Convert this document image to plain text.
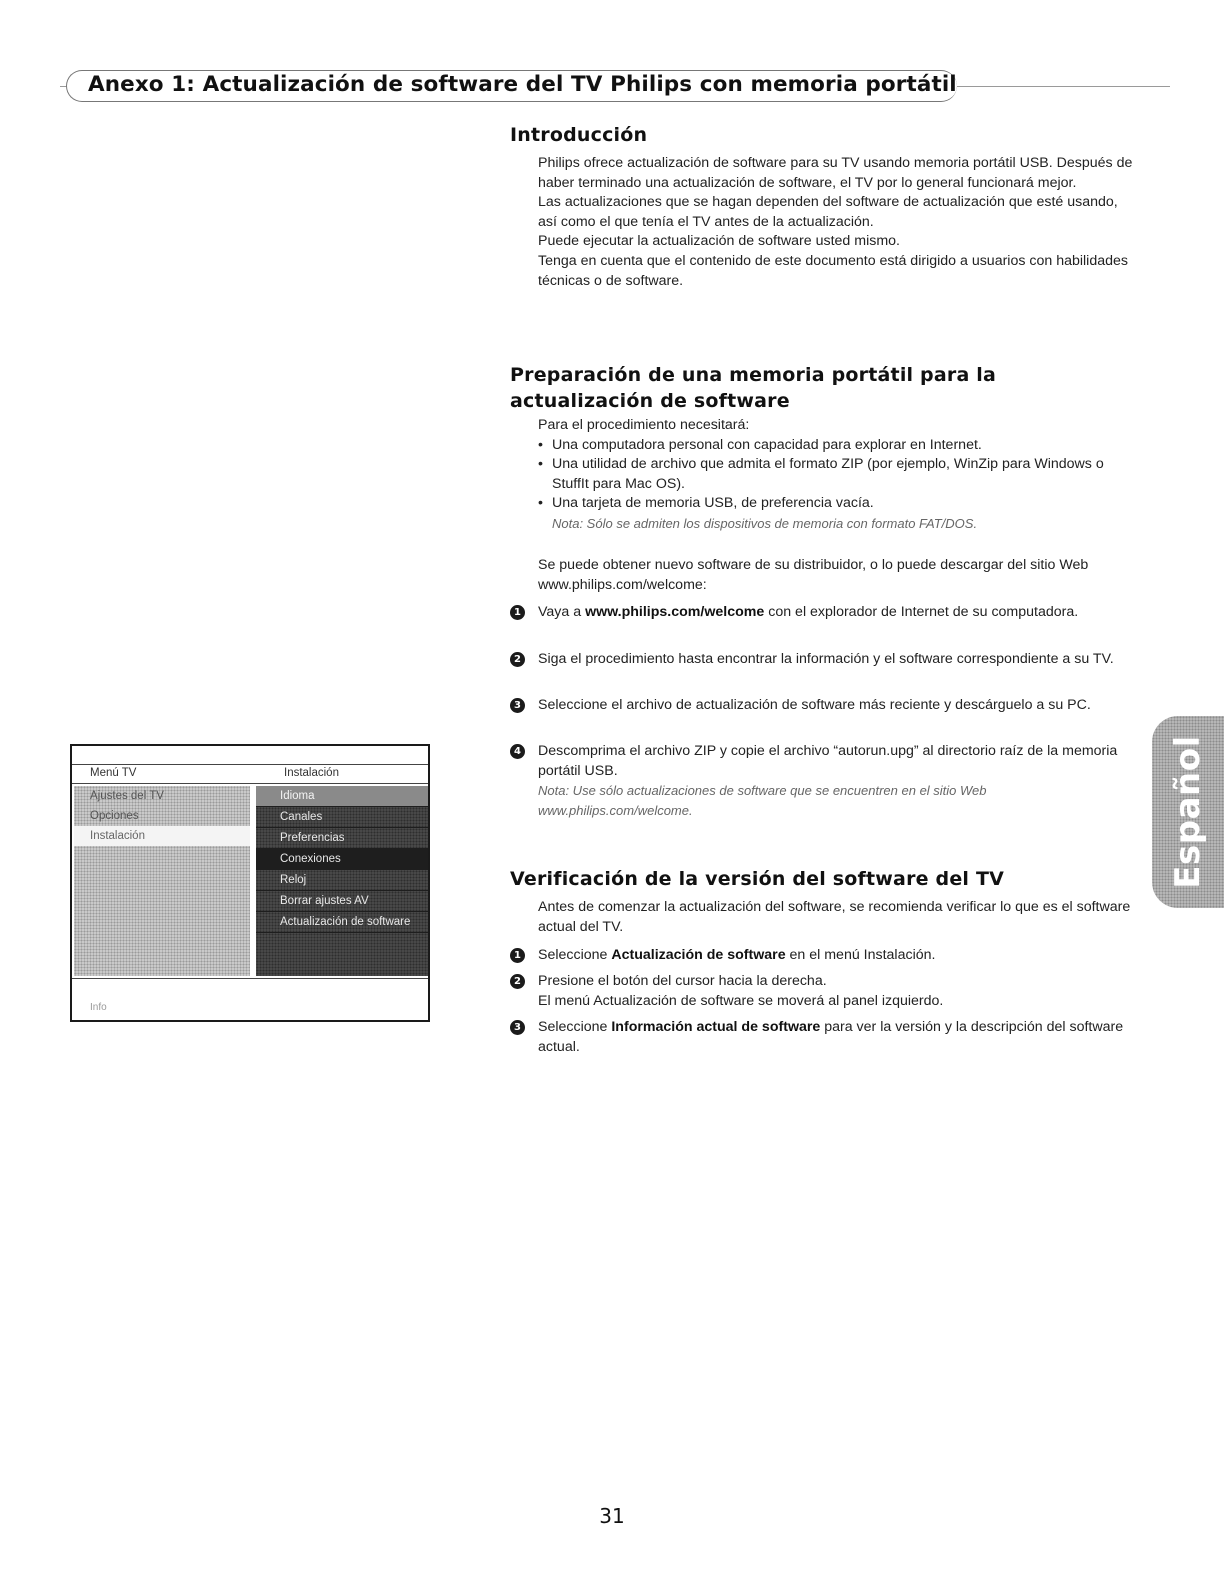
Anexo 1: Actualización de software del TV Philips con memoria portátil
Introducción

Philips ofrece actualización de software para su TV usando memoria portátil USB. Después de haber terminado una actualización de software, el TV por lo general funcionará mejor.

Las actualizaciones que se hagan dependen del software de actualización que esté usando, así como el que tenía el TV antes de la actualización.

Puede ejecutar la actualización de software usted mismo.

Tenga en cuenta que el contenido de este documento está dirigido a usuarios con habilidades técnicas o de software.

Preparación de una memoria portátil para la actualización de software

Para el procedimiento necesitará:

• Una computadora personal con capacidad para explorar en Internet.
• Una utilidad de archivo que admita el formato ZIP (por ejemplo, WinZip para Windows o StuffIt para Mac OS).
• Una tarjeta de memoria USB, de preferencia vacía.

Nota: Sólo se admiten los dispositivos de memoria con formato FAT/DOS.

Se puede obtener nuevo software de su distribuidor, o lo puede descargar del sitio Web www.philips.com/welcome:
1 Vaya a www.philips.com/welcome con el explorador de Internet de su computadora.
2 Siga el procedimiento hasta encontrar la información y el software correspondiente a su TV.
3 Seleccione el archivo de actualización de software más reciente y descárguelo a su PC.
4 Descomprima el archivo ZIP y copie el archivo “autorun.upg” al directorio raíz de la memoria portátil USB.
Nota: Use sólo actualizaciones de software que se encuentren en el sitio Web www.philips.com/welcome.
Verificación de la versión del software del TV
Antes de comenzar la actualización del software, se recomienda verificar lo que es el software actual del TV.
1 Seleccione Actualización de software en el menú Instalación.
2 Presione el botón del cursor hacia la derecha.
El menú Actualización de software se moverá al panel izquierdo.
3 Seleccione Información actual de software para ver la versión y la descripción del software actual.
Menú TV	Instalación
Ajustes del TV
Opciones
Instalación
Idioma
Canales
Preferencias
Conexiones
Reloj
Borrar ajustes AV
Actualización de software
Info
Español
31
